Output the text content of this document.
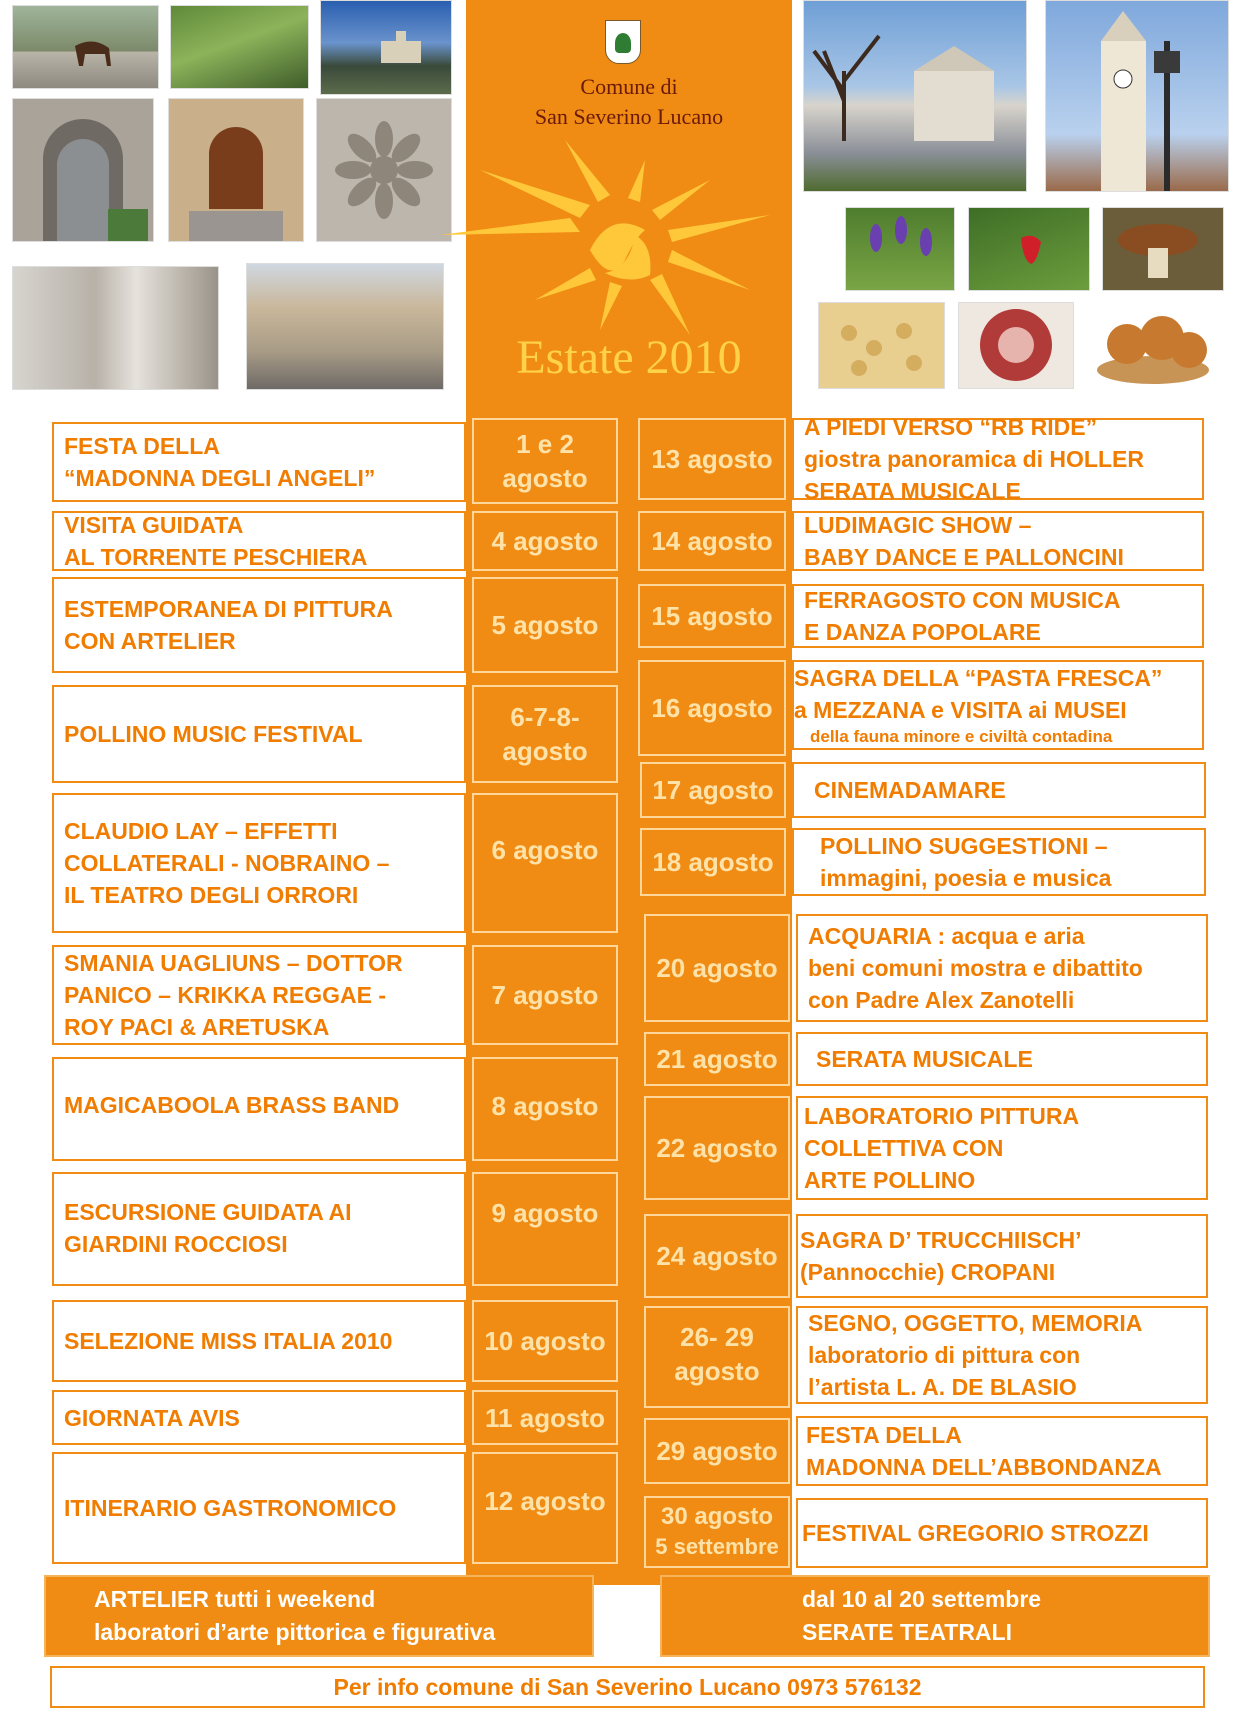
Comune di
San Severino Lucano
Estate 2010
FESTA DELLA
“MADONNA DEGLI ANGELI”
1 e 2
agosto
VISITA GUIDATA
AL TORRENTE PESCHIERA
4 agosto
ESTEMPORANEA DI PITTURA
CON ARTELIER
5 agosto
POLLINO MUSIC FESTIVAL
6-7-8-
agosto
CLAUDIO LAY – EFFETTI
COLLATERALI - NOBRAINO –
IL TEATRO DEGLI ORRORI
6 agosto
SMANIA UAGLIUNS – DOTTOR
PANICO – KRIKKA REGGAE -
ROY PACI & ARETUSKA
7 agosto
MAGICABOOLA BRASS BAND	8 agosto
ESCURSIONE GUIDATA AI
GIARDINI ROCCIOSI
9 agosto
SELEZIONE MISS ITALIA 2010	10 agosto
GIORNATA AVIS	11 agosto
ITINERARIO GASTRONOMICO	12 agosto
13 agosto
A PIEDI VERSO “RB RIDE”
giostra panoramica di HOLLER
SERATA MUSICALE
14 agosto
LUDIMAGIC SHOW –
BABY DANCE E PALLONCINI
15 agosto
FERRAGOSTO CON MUSICA
E DANZA POPOLARE
16 agosto
SAGRA DELLA “PASTA FRESCA”
a MEZZANA e VISITA ai MUSEI
della fauna minore e civiltà contadina
17 agosto CINEMADAMARE
18 agosto
POLLINO SUGGESTIONI –
immagini, poesia e musica
20 agosto
ACQUARIA : acqua e aria
beni comuni mostra e dibattito
con Padre Alex Zanotelli
21 agosto SERATA MUSICALE
22 agosto
LABORATORIO PITTURA
COLLETTIVA CON
ARTE POLLINO
24 agosto
SAGRA D’ TRUCCHIISCH’
(Pannocchie) CROPANI
26- 29
agosto
SEGNO, OGGETTO, MEMORIA
laboratorio di pittura con
l’artista L. A. DE BLASIO
29 agosto
FESTA DELLA
MADONNA DELL’ABBONDANZA
30 agosto
5 settembre
FESTIVAL GREGORIO STROZZI
ARTELIER tutti i weekend
laboratori d’arte pittorica e figurativa
dal 10 al 20 settembre
SERATE TEATRALI
Per info comune di San Severino Lucano 0973 576132
